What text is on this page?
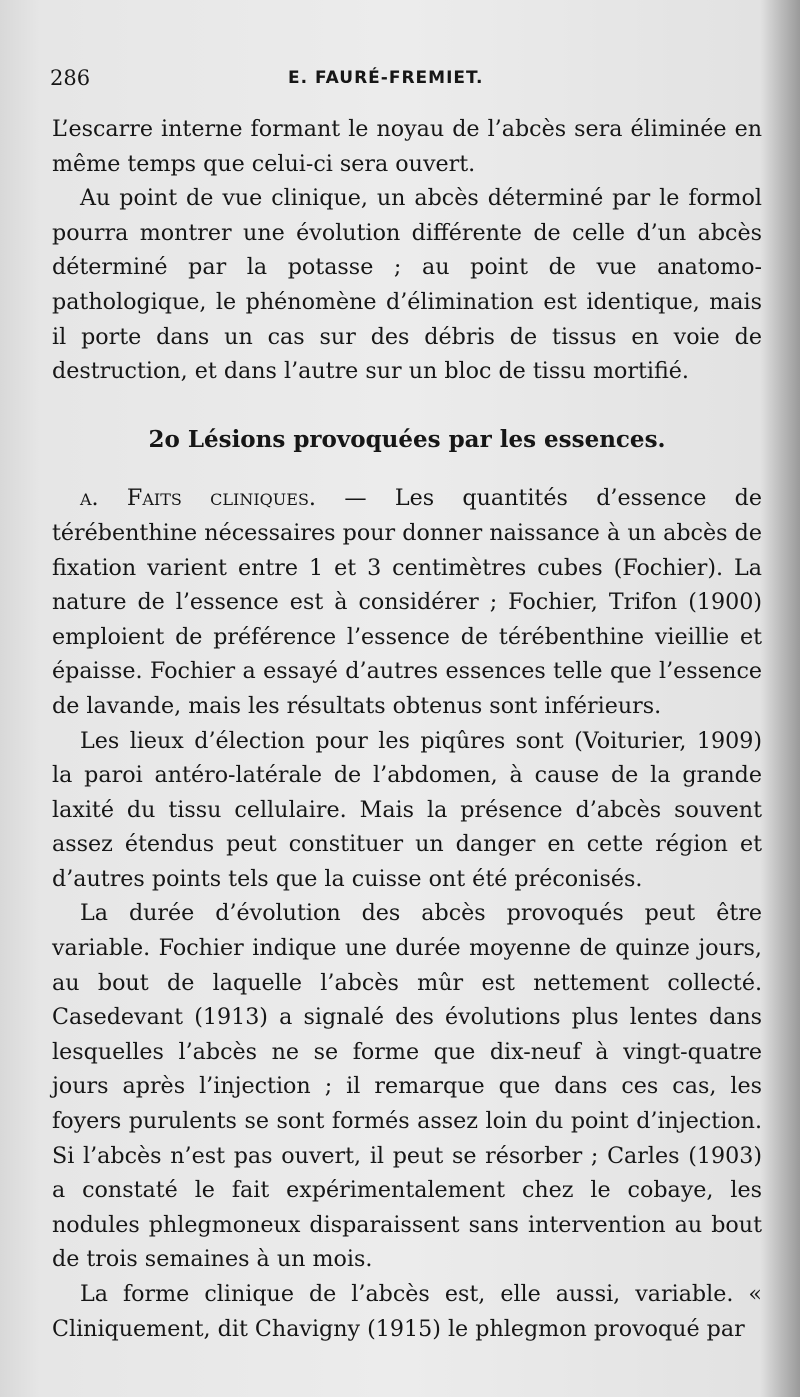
286	E. FAURÉ-FREMIET.

L’escarre interne formant le noyau de l’abcès sera éliminée en même temps que celui-ci sera ouvert.

Au point de vue clinique, un abcès déterminé par le formol pourra montrer une évolution différente de celle d’un abcès déterminé par la potasse ; au point de vue anatomo-pathologique, le phénomène d’élimination est identique, mais il porte dans un cas sur des débris de tissus en voie de destruction, et dans l’autre sur un bloc de tissu mortifié.

2o Lésions provoquées par les essences.

a. Faits cliniques. — Les quantités d’essence de térébenthine nécessaires pour donner naissance à un abcès de fixation varient entre 1 et 3 centimètres cubes (Fochier). La nature de l’essence est à considérer ; Fochier, Trifon (1900) emploient de préférence l’essence de térébenthine vieillie et épaisse. Fochier a essayé d’autres essences telle que l’essence de lavande, mais les résultats obtenus sont inférieurs.

Les lieux d’élection pour les piqûres sont (Voiturier, 1909) la paroi antéro-latérale de l’abdomen, à cause de la grande laxité du tissu cellulaire. Mais la présence d’abcès souvent assez étendus peut constituer un danger en cette région et d’autres points tels que la cuisse ont été préconisés.

La durée d’évolution des abcès provoqués peut être variable. Fochier indique une durée moyenne de quinze jours, au bout de laquelle l’abcès mûr est nettement collecté. Casedevant (1913) a signalé des évolutions plus lentes dans lesquelles l’abcès ne se forme que dix-neuf à vingt-quatre jours après l’injection ; il remarque que dans ces cas, les foyers purulents se sont formés assez loin du point d’injection. Si l’abcès n’est pas ouvert, il peut se résorber ; Carles (1903) a constaté le fait expérimentalement chez le cobaye, les nodules phlegmoneux disparaissent sans intervention au bout de trois semaines à un mois.

La forme clinique de l’abcès est, elle aussi, variable. « Cliniquement, dit Chavigny (1915) le phlegmon provoqué par
